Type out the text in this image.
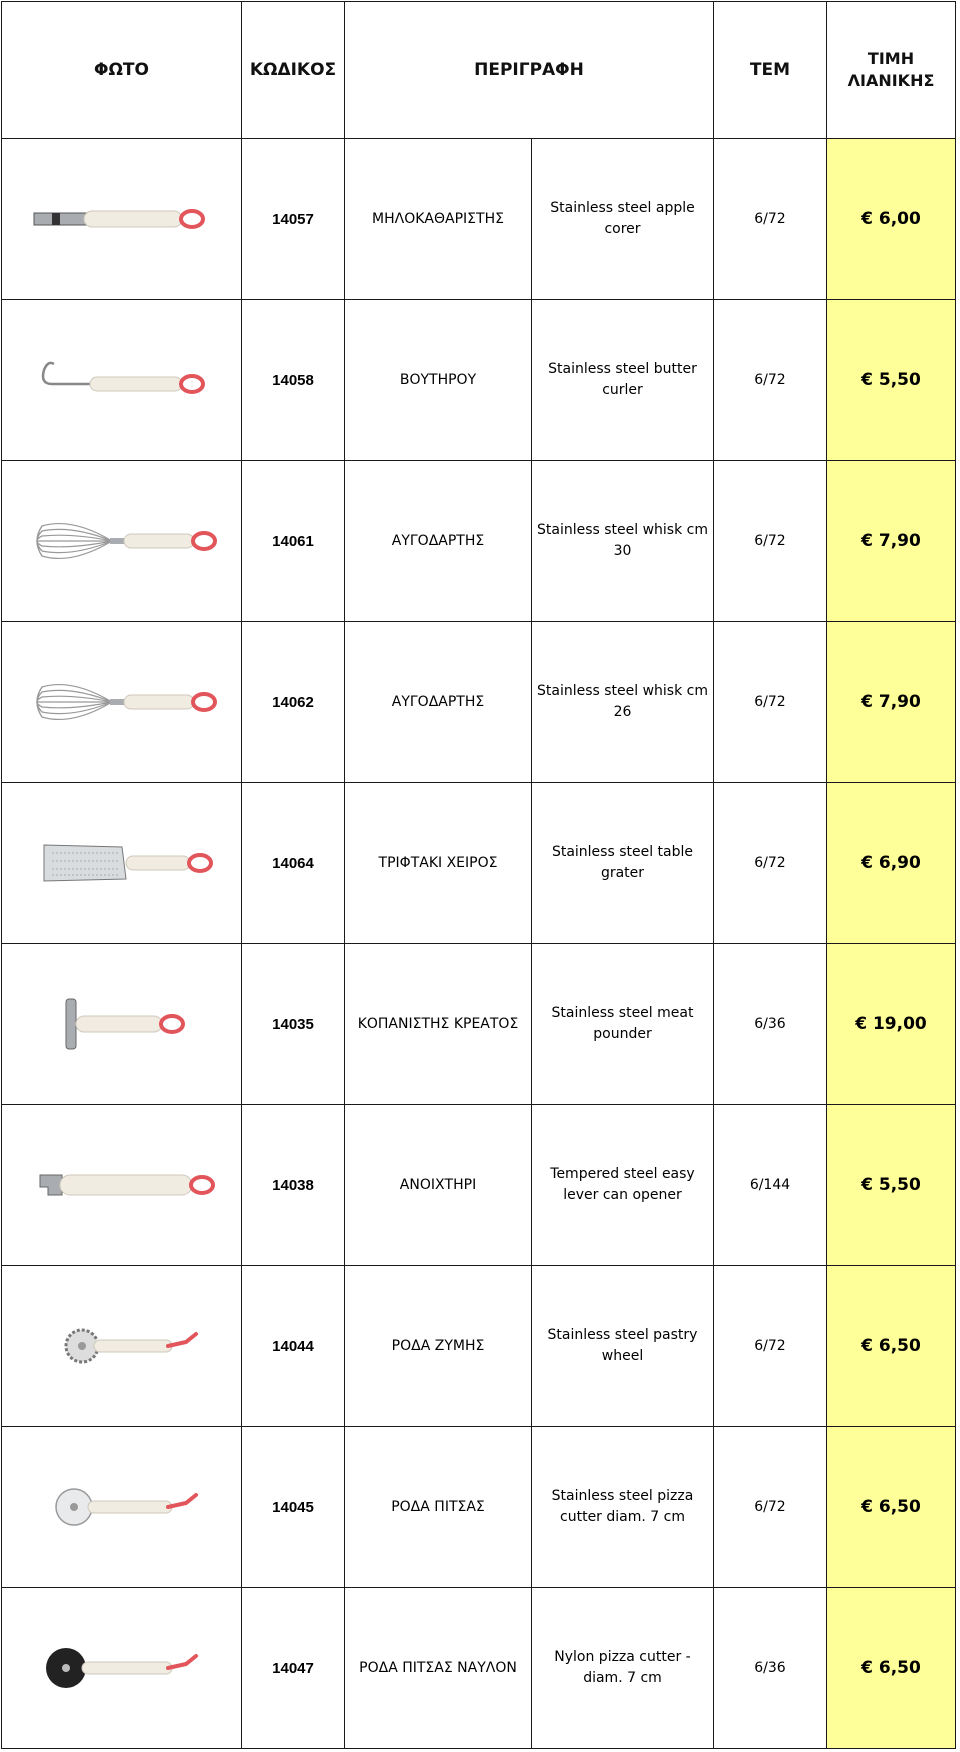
ΦΩΤΟ	ΚΩΔΙΚΟΣ	ΠΕΡΙΓΡΑΦΗ		ΤΕΜ	ΤΙΜΗ
ΛΙΑΝΙΚΗΣ

	14057	ΜΗΛΟΚΑΘΑΡΙΣΤΗΣ	Stainless steel apple corer	6/72	€ 6,00

	14058	ΒΟΥΤΗΡΟΥ	Stainless steel butter curler	6/72	€ 5,50

	14061	ΑΥΓΟΔΑΡΤΗΣ	Stainless steel whisk cm 30	6/72	€ 7,90

	14062	ΑΥΓΟΔΑΡΤΗΣ	Stainless steel whisk cm 26	6/72	€ 7,90

	14064	ΤΡΙΦΤΑΚΙ ΧΕΙΡΟΣ	Stainless steel table grater	6/72	€ 6,90

	14035	ΚΟΠΑΝΙΣΤΗΣ ΚΡΕΑΤΟΣ	Stainless steel meat pounder	6/36	€ 19,00

	14038	ΑΝΟΙΧΤΗΡΙ	Tempered steel easy lever can opener	6/144	€ 5,50

	14044	ΡΟΔΑ ΖΥΜΗΣ	Stainless steel pastry wheel	6/72	€ 6,50

	14045	ΡΟΔΑ ΠΙΤΣΑΣ	Stainless steel pizza cutter diam. 7 cm	6/72	€ 6,50

	14047	ΡΟΔΑ ΠΙΤΣΑΣ ΝΑΥΛΟΝ	Nylon pizza cutter - diam. 7 cm	6/36	€ 6,50
